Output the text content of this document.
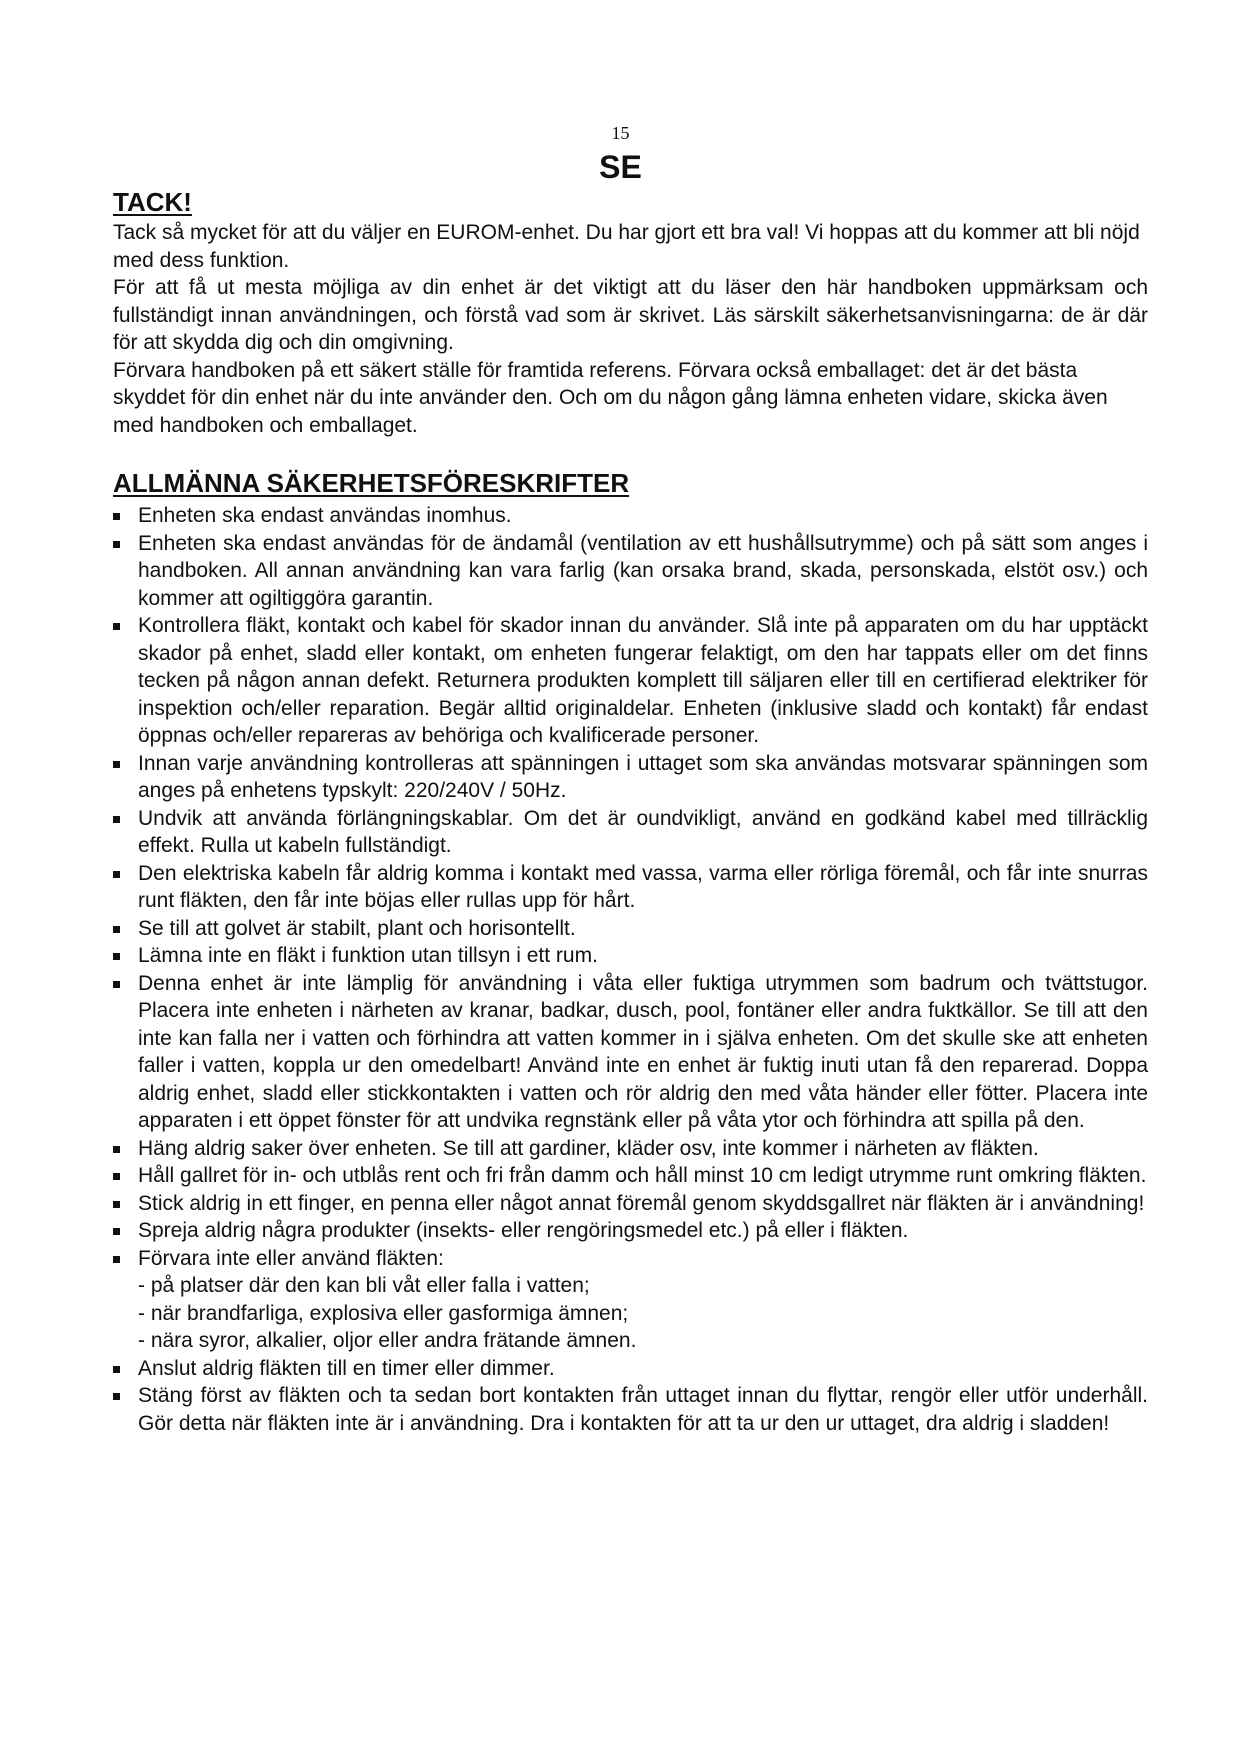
15
SE
TACK!

Tack så mycket för att du väljer en EUROM-enhet. Du har gjort ett bra val! Vi hoppas att du kommer att bli nöjd med dess funktion.

För att få ut mesta möjliga av din enhet är det viktigt att du läser den här handboken uppmärksam och fullständigt innan användningen, och förstå vad som är skrivet. Läs särskilt säkerhetsanvisningarna: de är där för att skydda dig och din omgivning.

Förvara handboken på ett säkert ställe för framtida referens. Förvara också emballaget: det är det bästa skyddet för din enhet när du inte använder den. Och om du någon gång lämna enheten vidare, skicka även med handboken och emballaget.

ALLMÄNNA SÄKERHETSFÖRESKRIFTER
Enheten ska endast användas inomhus.
Enheten ska endast användas för de ändamål (ventilation av ett hushållsutrymme) och på sätt som anges i handboken. All annan användning kan vara farlig (kan orsaka brand, skada, personskada, elstöt osv.) och kommer att ogiltiggöra garantin.
Kontrollera fläkt, kontakt och kabel för skador innan du använder. Slå inte på apparaten om du har upptäckt skador på enhet, sladd eller kontakt, om enheten fungerar felaktigt, om den har tappats eller om det finns tecken på någon annan defekt. Returnera produkten komplett till säljaren eller till en certifierad elektriker för inspektion och/eller reparation. Begär alltid originaldelar. Enheten (inklusive sladd och kontakt) får endast öppnas och/eller repareras av behöriga och kvalificerade personer.
Innan varje användning kontrolleras att spänningen i uttaget som ska användas motsvarar spänningen som anges på enhetens typskylt: 220/240V / 50Hz.
Undvik att använda förlängningskablar. Om det är oundvikligt, använd en godkänd kabel med tillräcklig effekt. Rulla ut kabeln fullständigt.
Den elektriska kabeln får aldrig komma i kontakt med vassa, varma eller rörliga föremål, och får inte snurras runt fläkten, den får inte böjas eller rullas upp för hårt.
Se till att golvet är stabilt, plant och horisontellt.
Lämna inte en fläkt i funktion utan tillsyn i ett rum.
Denna enhet är inte lämplig för användning i våta eller fuktiga utrymmen som badrum och tvättstugor. Placera inte enheten i närheten av kranar, badkar, dusch, pool, fontäner eller andra fuktkällor. Se till att den inte kan falla ner i vatten och förhindra att vatten kommer in i själva enheten. Om det skulle ske att enheten faller i vatten, koppla ur den omedelbart! Använd inte en enhet är fuktig inuti utan få den reparerad. Doppa aldrig enhet, sladd eller stickkontakten i vatten och rör aldrig den med våta händer eller fötter. Placera inte apparaten i ett öppet fönster för att undvika regnstänk eller på våta ytor och förhindra att spilla på den.
Häng aldrig saker över enheten. Se till att gardiner, kläder osv, inte kommer i närheten av fläkten.
Håll gallret för in- och utblås rent och fri från damm och håll minst 10 cm ledigt utrymme runt omkring fläkten.
Stick aldrig in ett finger, en penna eller något annat föremål genom skyddsgallret när fläkten är i användning!
Spreja aldrig några produkter (insekts- eller rengöringsmedel etc.) på eller i fläkten.
Förvara inte eller använd fläkten:
- på platser där den kan bli våt eller falla i vatten;
- när brandfarliga, explosiva eller gasformiga ämnen;
- nära syror, alkalier, oljor eller andra frätande ämnen.
Anslut aldrig fläkten till en timer eller dimmer.
Stäng först av fläkten och ta sedan bort kontakten från uttaget innan du flyttar, rengör eller utför underhåll. Gör detta när fläkten inte är i användning. Dra i kontakten för att ta ur den ur uttaget, dra aldrig i sladden!
